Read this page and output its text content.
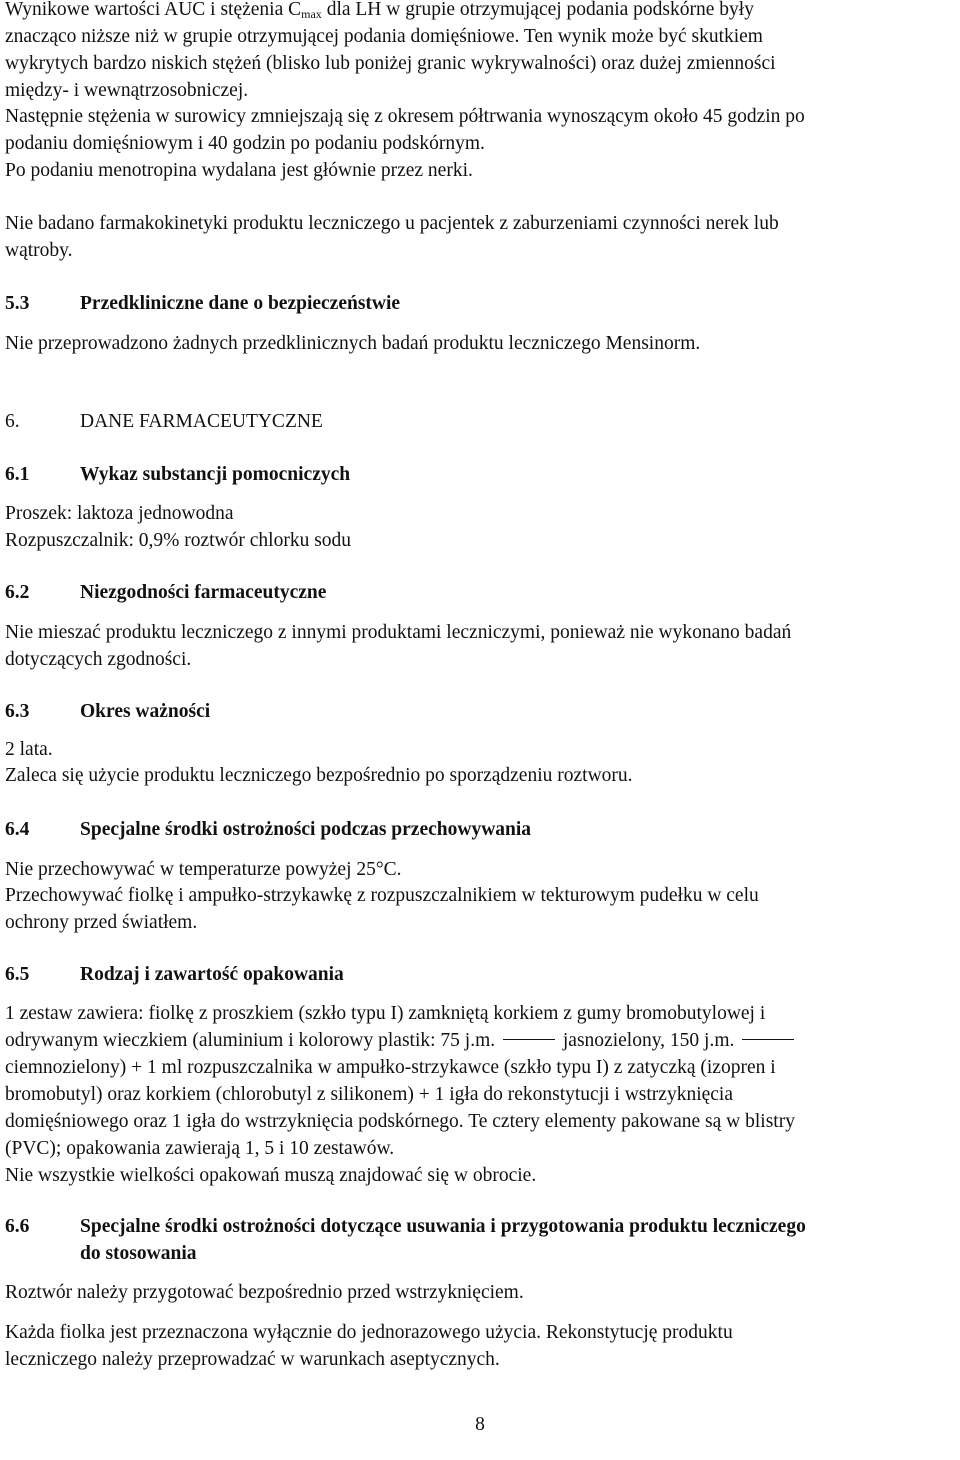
Wynikowe wartości AUC i stężenia $C_{max}$ dla LH w grupie otrzymującej podania podskórne były

znacząco niższe niż w grupie otrzymującej podania domięśniowe. Ten wynik może być skutkiem

wykrytych bardzo niskich stężeń (blisko lub poniżej granic wykrywalności) oraz dużej zmienności

między- i wewnątrzosobniczej.

Następnie stężenia w surowicy zmniejszają się z okresem półtrwania wynoszącym około 45 godzin po

podaniu domięśniowym i 40 godzin po podaniu podskórnym.

Po podaniu menotropina wydalana jest głównie przez nerki.

Nie badano farmakokinetyki produktu leczniczego u pacjentek z zaburzeniami czynności nerek lub

wątroby.

5.3	Przedkliniczne dane o bezpieczeństwie

Nie przeprowadzono żadnych przedklinicznych badań produktu leczniczego Mensinorm.

6.	DANE FARMACEUTYCZNE
6.1	Wykaz substancji pomocniczych

Proszek: laktoza jednowodna

Rozpuszczalnik: 0,9% roztwór chlorku sodu

6.2	Niezgodności farmaceutyczne

Nie mieszać produktu leczniczego z innymi produktami leczniczymi, ponieważ nie wykonano badań

dotyczących zgodności.

6.3	Okres ważności

2 lata.

Zaleca się użycie produktu leczniczego bezpośrednio po sporządzeniu roztworu.

6.4	Specjalne środki ostrożności podczas przechowywania

Nie przechowywać w temperaturze powyżej 25°C.

Przechowywać fiolkę i ampułko-strzykawkę z rozpuszczalnikiem w tekturowym pudełku w celu

ochrony przed światłem.

6.5	Rodzaj i zawartość opakowania

1 zestaw zawiera: fiolkę z proszkiem (szkło typu I) zamkniętą korkiem z gumy bromobutylowej i

odrywanym wieczkiem (aluminium i kolorowy plastik: 75 j.m.	jasnozielony, 150 j.m.

ciemnozielony) + 1 ml rozpuszczalnika w ampułko-strzykawce (szkło typu I) z zatyczką (izopren i

bromobutyl) oraz korkiem (chlorobutyl z silikonem) + 1 igła do rekonstytucji i wstrzyknięcia

domięśniowego oraz 1 igła do wstrzyknięcia podskórnego. Te cztery elementy pakowane są w blistry

(PVC); opakowania zawierają 1, 5 i 10 zestawów.

Nie wszystkie wielkości opakowań muszą znajdować się w obrocie.

6.6	Specjalne środki ostrożności dotyczące usuwania i przygotowania produktu leczniczego
do stosowania

Roztwór należy przygotować bezpośrednio przed wstrzyknięciem.

Każda fiolka jest przeznaczona wyłącznie do jednorazowego użycia. Rekonstytucję produktu

leczniczego należy przeprowadzać w warunkach aseptycznych.

8
